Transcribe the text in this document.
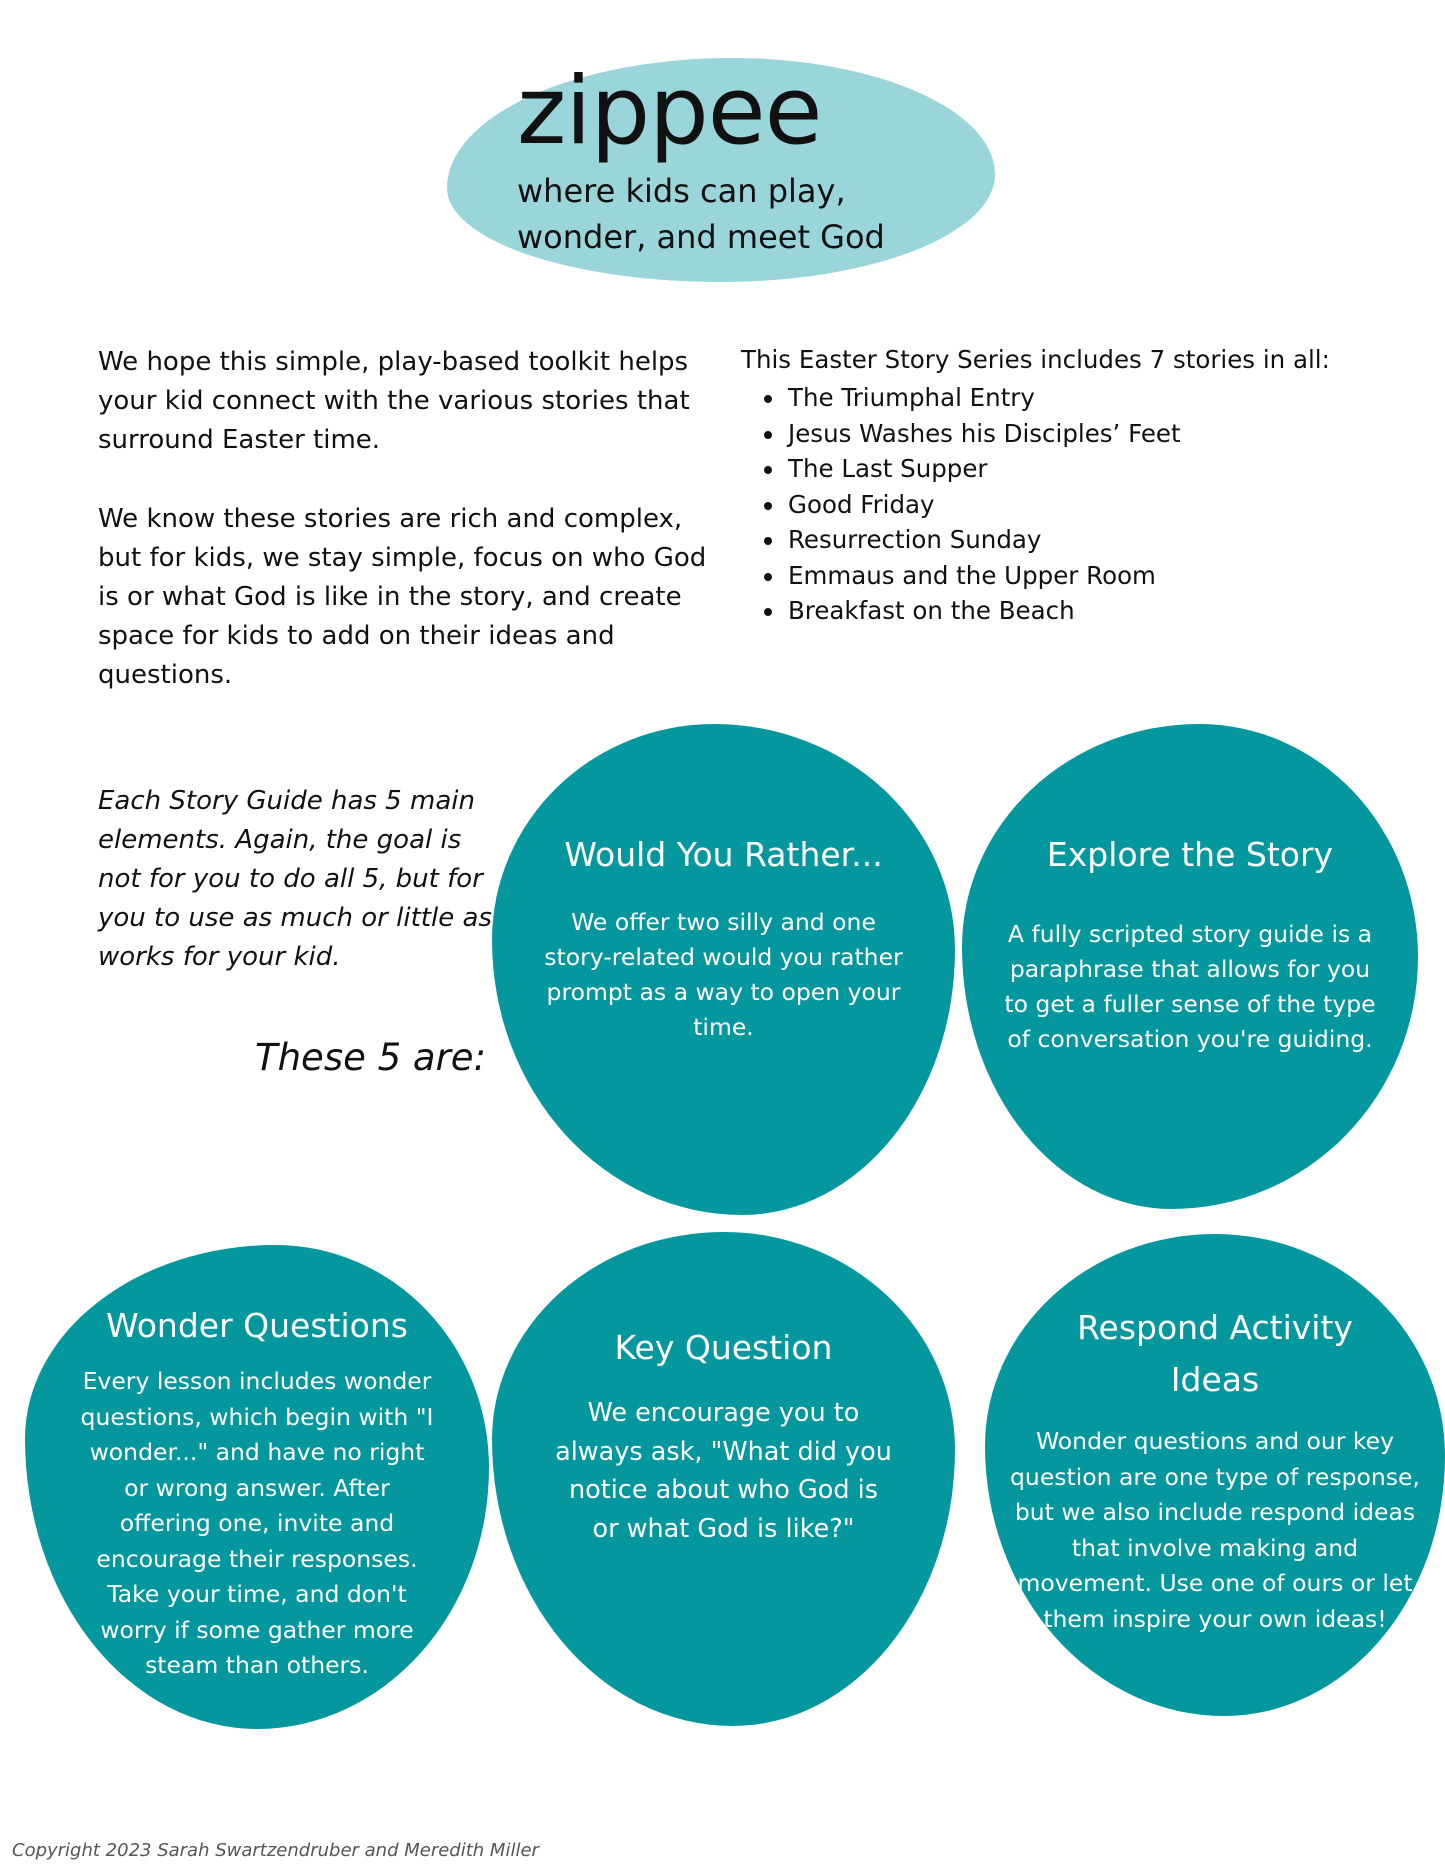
zippee
where kids can play, wonder, and meet God
We hope this simple, play-based toolkit helps your kid connect with the various stories that surround Easter time.
We know these stories are rich and complex, but for kids, we stay simple, focus on who God is or what God is like in the story, and create space for kids to add on their ideas and questions.
This Easter Story Series includes 7 stories in all:
• The Triumphal Entry
• Jesus Washes his Disciples’ Feet
• The Last Supper
• Good Friday
• Resurrection Sunday
• Emmaus and the Upper Room
• Breakfast on the Beach
Each Story Guide has 5 main elements. Again, the goal is not for you to do all 5, but for you to use as much or little as works for your kid.
These 5 are:
Would You Rather...

We offer two silly and one story-related would you rather prompt as a way to open your time.

Explore the Story

A fully scripted story guide is a paraphrase that allows for you to get a fuller sense of the type of conversation you're guiding.

Wonder Questions

Every lesson includes wonder questions, which begin with "I wonder..." and have no right or wrong answer. After offering one, invite and encourage their responses. Take your time, and don't worry if some gather more steam than others.

Key Question

We encourage you to always ask, "What did you notice about who God is or what God is like?"

Respond Activity Ideas

Wonder questions and our key question are one type of response, but we also include respond ideas that involve making and movement. Use one of ours or let them inspire your own ideas!

Copyright 2023 Sarah Swartzendruber and Meredith Miller
